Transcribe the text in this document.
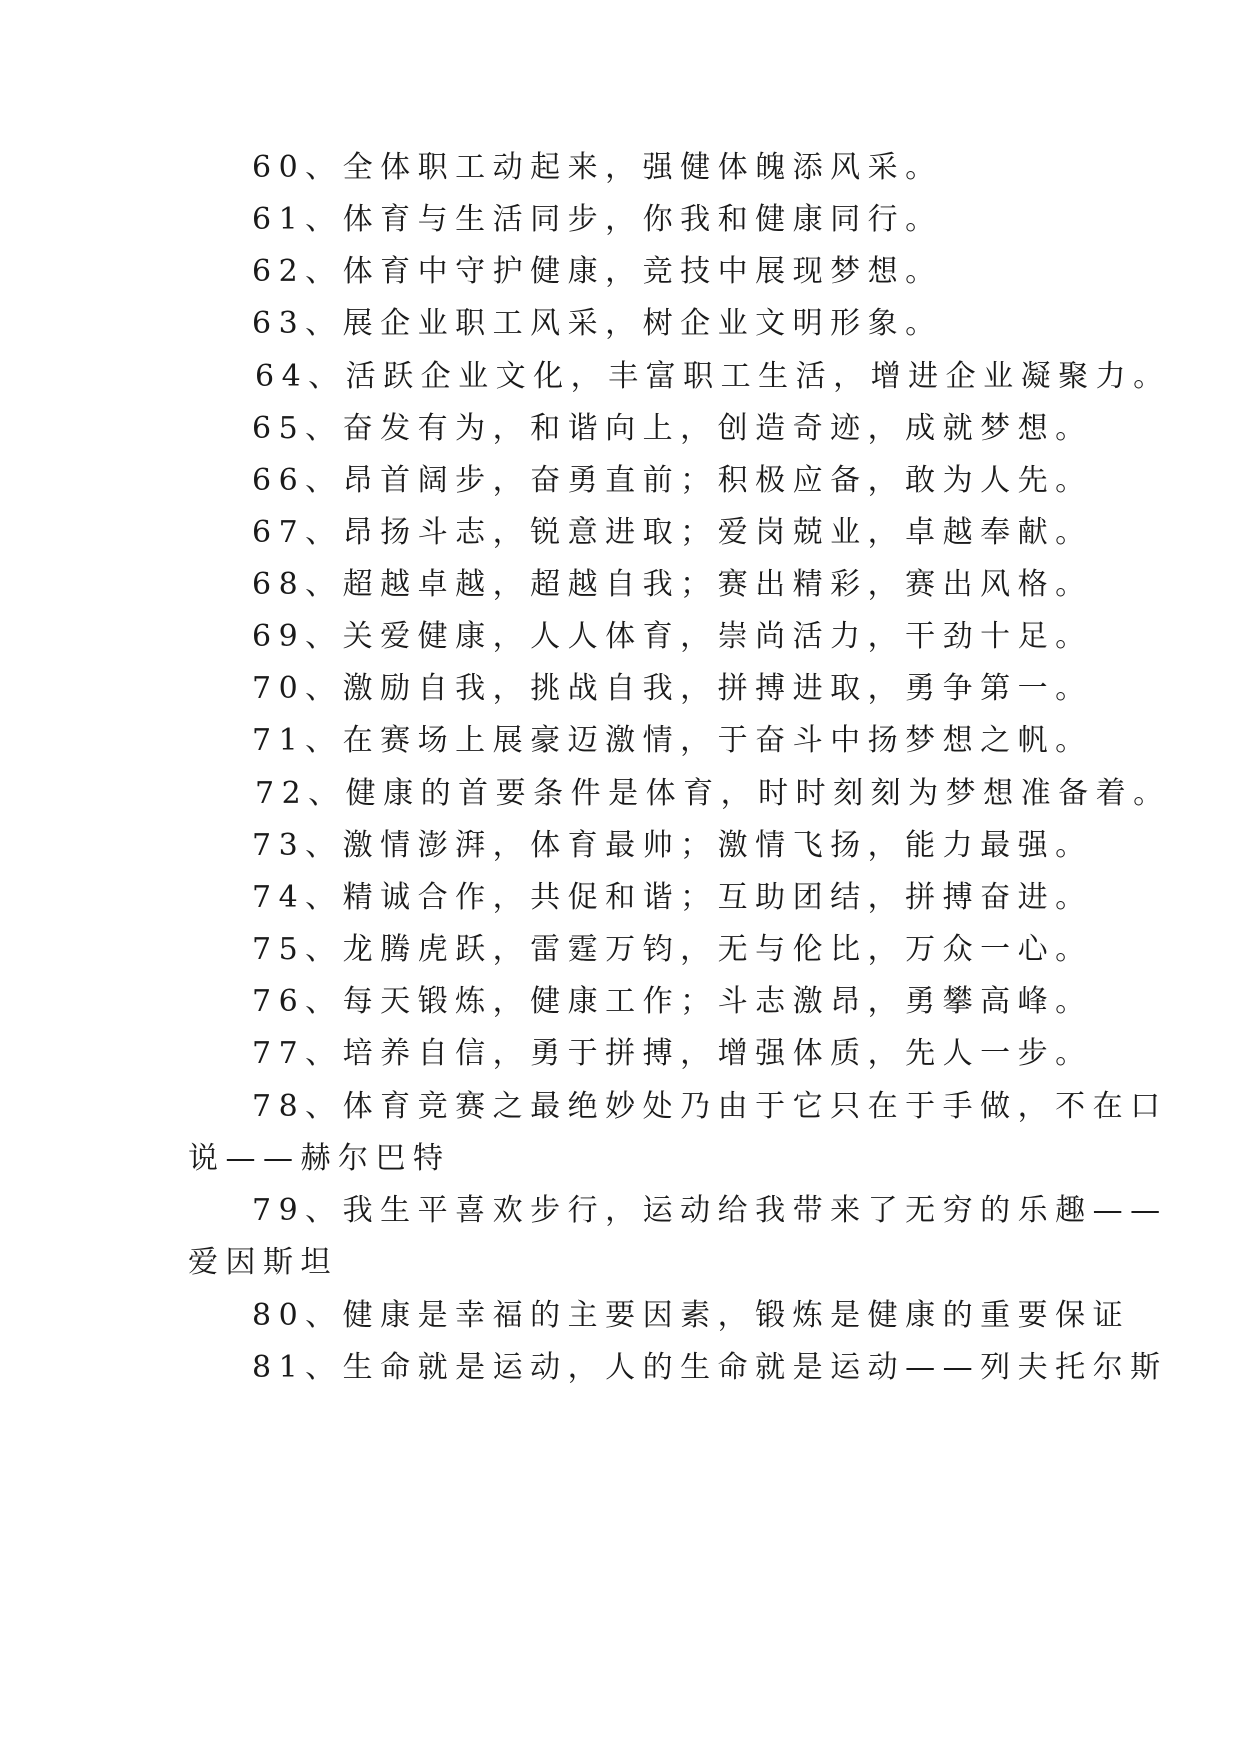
60、全体职工动起来，强健体魄添风采。
61、体育与生活同步，你我和健康同行。
62、体育中守护健康，竞技中展现梦想。
63、展企业职工风采，树企业文明形象。
64、活跃企业文化，丰富职工生活，增进企业凝聚力。
65、奋发有为，和谐向上，创造奇迹，成就梦想。
66、昂首阔步，奋勇直前；积极应备，敢为人先。
67、昂扬斗志，锐意进取；爱岗兢业，卓越奉献。
68、超越卓越，超越自我；赛出精彩，赛出风格。
69、关爱健康，人人体育，崇尚活力，干劲十足。
70、激励自我，挑战自我，拼搏进取，勇争第一。
71、在赛场上展豪迈激情，于奋斗中扬梦想之帆。
72、健康的首要条件是体育，时时刻刻为梦想准备着。
73、激情澎湃，体育最帅；激情飞扬，能力最强。
74、精诚合作，共促和谐；互助团结，拼搏奋进。
75、龙腾虎跃，雷霆万钧，无与伦比，万众一心。
76、每天锻炼，健康工作；斗志激昂，勇攀高峰。
77、培养自信，勇于拼搏，增强体质，先人一步。
78、体育竞赛之最绝妙处乃由于它只在于手做，不在口
说——赫尔巴特
79、我生平喜欢步行，运动给我带来了无穷的乐趣——
爱因斯坦
80、健康是幸福的主要因素，锻炼是健康的重要保证
81、生命就是运动，人的生命就是运动——列夫托尔斯
